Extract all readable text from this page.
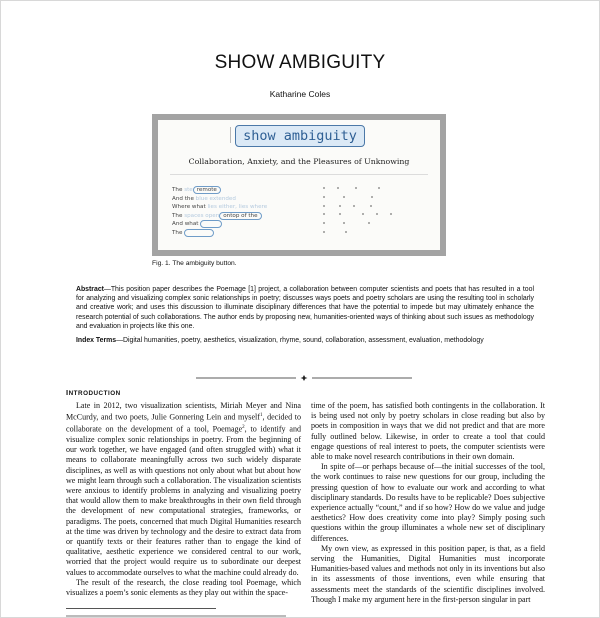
SHOW AMBIGUITY
Katharine Coles
show ambiguity
Collaboration, Anxiety, and the Pleasures of Unknowing
The ste remote
And the blue extended
Where what lies either, lies where
The spaces open ontop of the
And what
The
Fig. 1. The ambiguity button.

Abstract—This position paper describes the Poemage [1] project, a collaboration between computer scientists and poets that has resulted in a tool for analyzing and visualizing complex sonic relationships in poetry; discusses ways poets and poetry scholars are using the resulting tool in scholarly and creative work; and uses this discussion to illuminate disciplinary differences that have the potential to impede but may ultimately enhance the research potential of such collaborations. The author ends by proposing new, humanities-oriented ways of thinking about such issues as methodology and evaluation in projects like this one.

Index Terms—Digital humanities, poetry, aesthetics, visualization, rhyme, sound, collaboration, assessment, evaluation, methodology

INTRODUCTION

Late in 2012, two visualization scientists, Miriah Meyer and Nina McCurdy, and two poets, Julie Gonnering Lein and myself$^1$, decided to collaborate on the development of a tool, Poemage$^2$, to identify and visualize complex sonic relationships in poetry. From the beginning of our work together, we have engaged (and often struggled with) what it means to collaborate meaningfully across two such widely disparate disciplines, as well as with questions not only about what but about how we might learn through such a collaboration. The visualization scientists were anxious to identify problems in analyzing and visualizing poetry that would allow them to make breakthroughs in their own field through the development of new computational strategies, frameworks, or paradigms. The poets, concerned that much Digital Humanities research at the time was driven by technology and the desire to extract data from or quantify texts or their features rather than to engage the kind of qualitative, aesthetic experience we considered central to our work, worried that the project would require us to subordinate our deepest values to accommodate ourselves to what the machine could already do.

The result of the research, the close reading tool Poemage, which visualizes a poem’s sonic elements as they play out within the space-

time of the poem, has satisfied both contingents in the collaboration. It is being used not only by poetry scholars in close reading but also by poets in composition in ways that we did not predict and that are more fully outlined below. Likewise, in order to create a tool that could engage questions of real interest to poets, the computer scientists were able to make novel research contributions in their own domain.

In spite of—or perhaps because of—the initial successes of the tool, the work continues to raise new questions for our group, including the pressing question of how to evaluate our work and according to what disciplinary standards. Do results have to be replicable? Does subjective experience actually “count,” and if so how? How do we value and judge aesthetics? How does creativity come into play? Simply posing such questions within the group illuminates a whole new set of disciplinary differences.

My own view, as expressed in this position paper, is that, as a field serving the Humanities, Digital Humanities must incorporate Humanities-based values and methods not only in its inventions but also in its assessments of those inventions, even while ensuring that assessments meet the standards of the scientific disciplines involved. Though I make my argument here in the first-person singular in part
